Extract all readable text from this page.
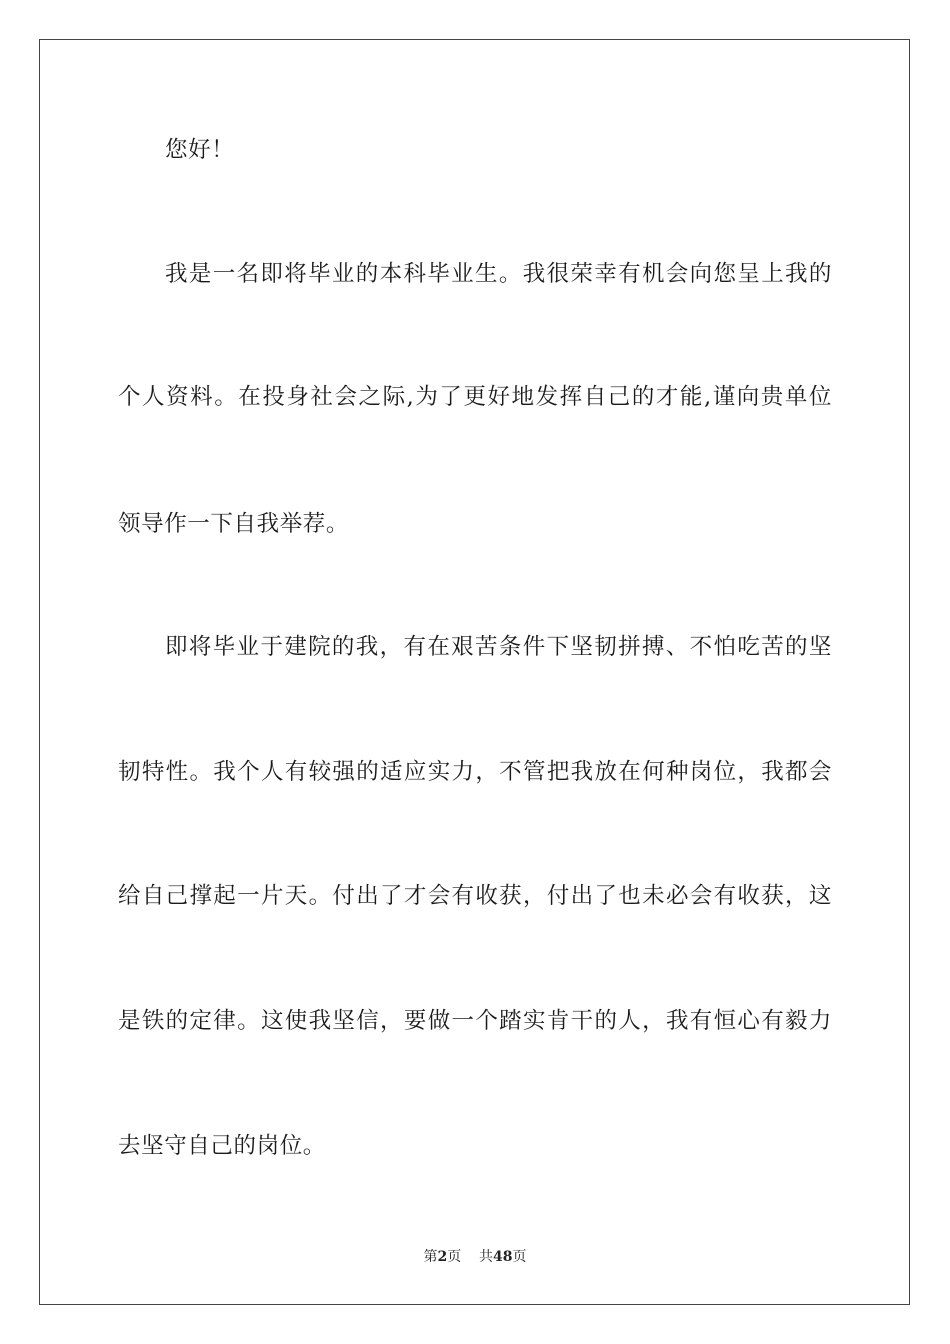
您好！
我是一名即将毕业的本科毕业生。我很荣幸有机会向您呈上我的
个人资料。在投身社会之际,为了更好地发挥自己的才能,谨向贵单位
领导作一下自我举荐。
即将毕业于建院的我，有在艰苦条件下坚韧拼搏、不怕吃苦的坚
韧特性。我个人有较强的适应实力，不管把我放在何种岗位，我都会
给自己撑起一片天。付出了才会有收获，付出了也未必会有收获，这
是铁的定律。这使我坚信，要做一个踏实肯干的人，我有恒心有毅力
去坚守自己的岗位。
第2页 共48页
